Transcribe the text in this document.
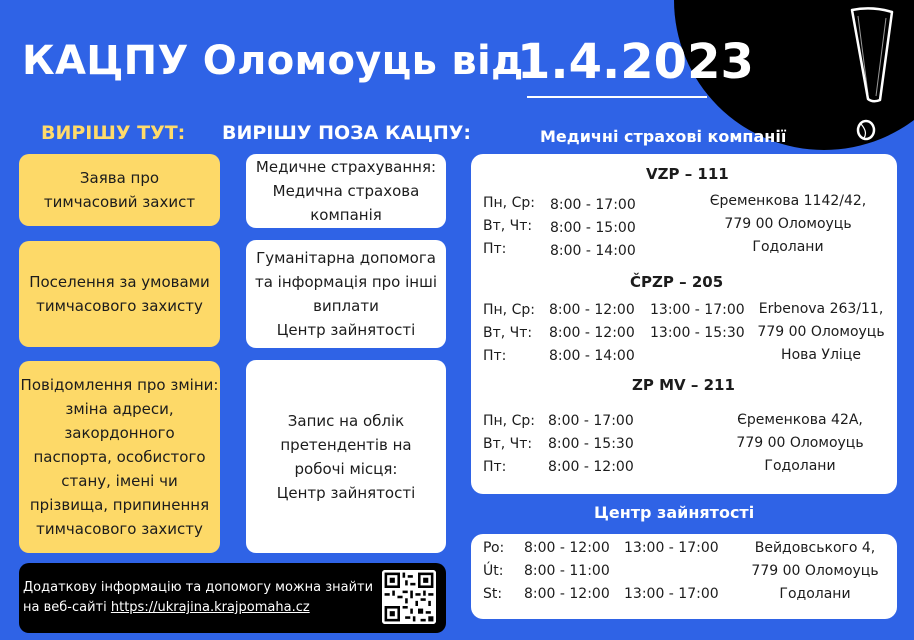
КАЦПУ Оломоуць від
1.4.2023
ВИРІШУ ТУТ: ВИРІШУ ПОЗА КАЦПУ:	Медичні страхові компанії
Заява про
тимчасовий захист
Поселення за умовами
тимчасового захисту
Повідомлення про зміни:
зміна адреси,
закордонного
паспорта, особистого
стану, імені чи
прізвища, припинення
тимчасового захисту
Медичне страхування:
Медична страхова
компанія
Гуманітарна допомога
та інформація про інші
виплати
Центр зайнятості
Запис на облік
претендентів на
робочі місця:
Центр зайнятості
VZP – 111
Пн, Ср: 8:00 - 17:00
Вт, Чт: 8:00 - 15:00
Пт:	8:00 - 14:00
Єременкова 1142/42,
779 00 Оломоуць
Годолани
ČPZP – 205
Пн, Ср: 8:00 - 12:00 13:00 - 17:00
Вт, Чт: 8:00 - 12:00 13:00 - 15:30
Пт:	8:00 - 14:00
Erbenova 263/11,
779 00 Оломоуць
Нова Уліце
ZP MV – 211
Пн, Ср: 8:00 - 17:00
Вт, Чт: 8:00 - 15:30
Пт:	8:00 - 12:00
Єременкова 42А,
779 00 Оломоуць
Годолани
Центр зайнятості
Po: 8:00 - 12:00 13:00 - 17:00
Út: 8:00 - 11:00
St: 8:00 - 12:00 13:00 - 17:00
Вейдовського 4,
779 00 Оломоуць
Годолани
Додаткову інформацію та допомогу можна знайти
на веб-сайті https://ukrajina.krajpomaha.cz
